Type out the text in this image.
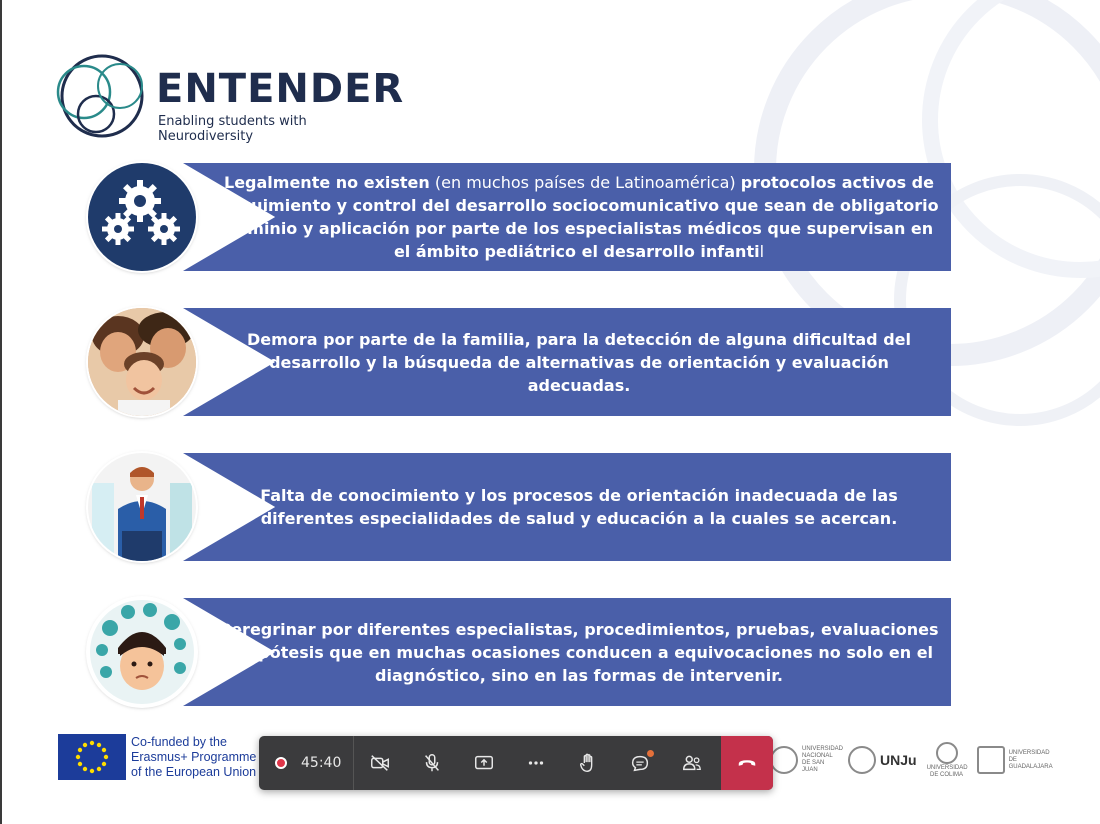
ENTENDER
Enabling students with Neurodiversity
Legalmente no existen (en muchos países de Latinoamérica) protocolos activos de seguimiento y control del desarrollo sociocomunicativo que sean de obligatorio dominio y aplicación por parte de los especialistas médicos que supervisan en el ámbito pediátrico el desarrollo infantil
Demora por parte de la familia, para la detección de alguna dificultad del desarrollo y la búsqueda de alternativas de orientación y evaluación adecuadas.
Falta de conocimiento y los procesos de orientación inadecuada de las diferentes especialidades de salud y educación a la cuales se acercan.
Peregrinar por diferentes especialistas, procedimientos, pruebas, evaluaciones e hipótesis que en muchas ocasiones conducen a equivocaciones no solo en el diagnóstico, sino en las formas de intervenir.
Co-funded by the
Erasmus+ Programme
of the European Union
UNIVERSIDAD NACIONAL DE SAN JUAN
UNJu UNIVERSIDAD DE COLIMA
UNIVERSIDAD DE GUADALAJARA
45:40
